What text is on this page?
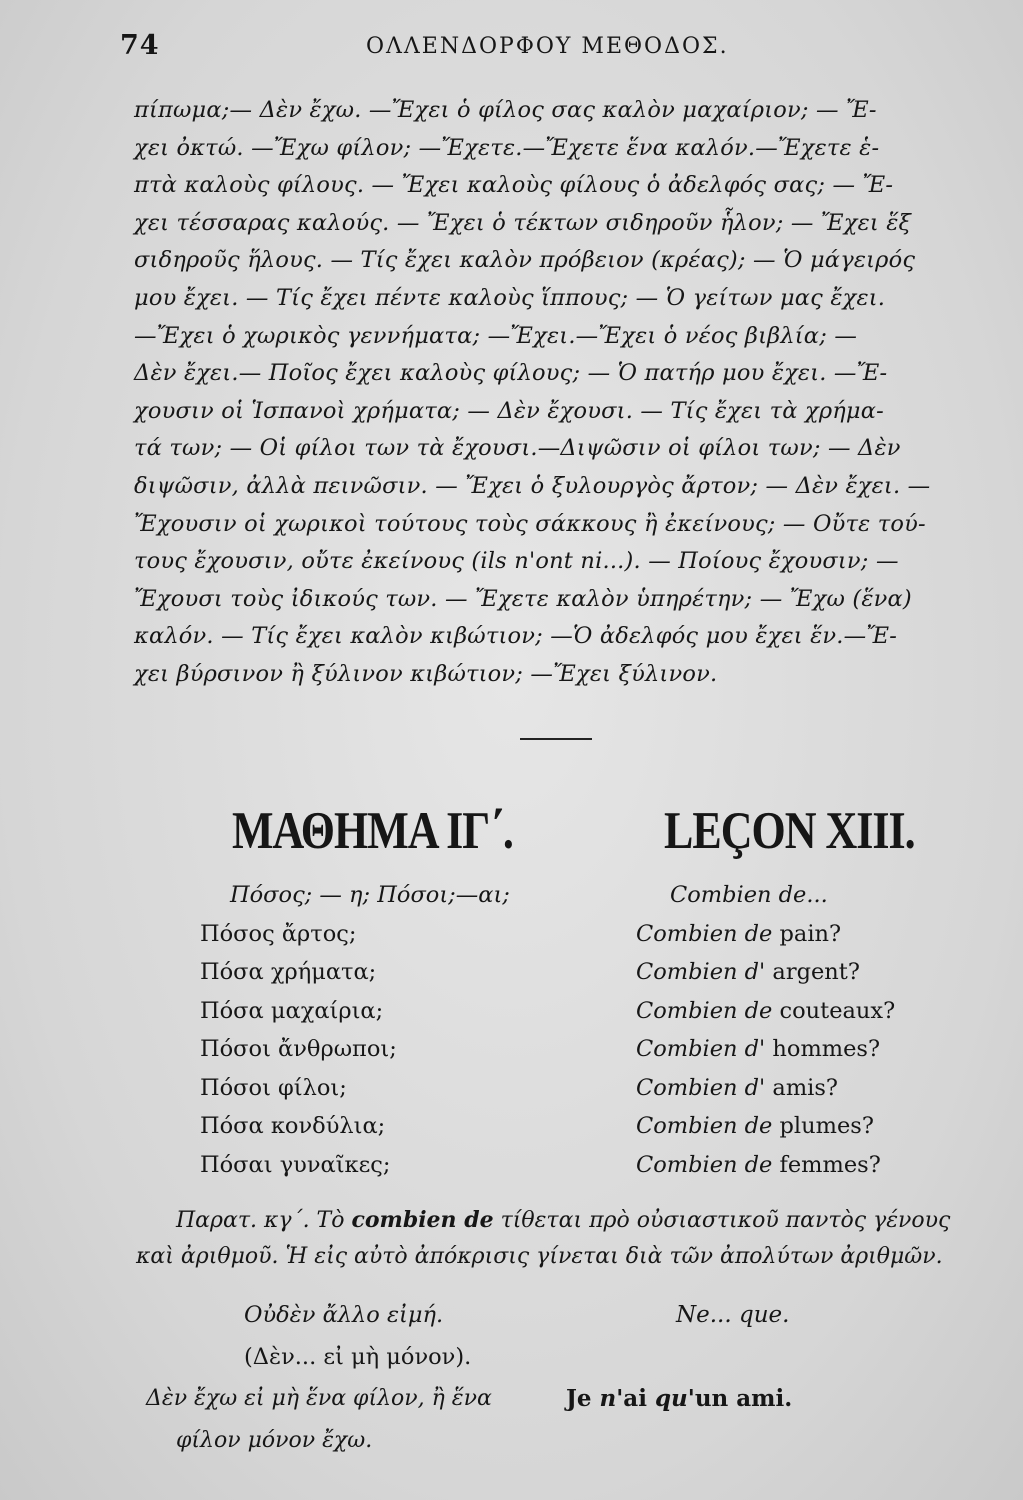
74	ΟΛΛΕΝΔΟΡΦΟΥ ΜΕΘΟΔΟΣ.

πίπωμα;— Δὲν ἔχω. —Ἔχει ὁ φίλος σας καλὸν μαχαίριον; — Ἔ-

χει ὀκτώ. —Ἔχω φίλον; —Ἔχετε.—Ἔχετε ἕνα καλόν.—Ἔχετε ἑ-

πτὰ καλοὺς φίλους. — Ἔχει καλοὺς φίλους ὁ ἀδελφός σας; — Ἔ-

χει τέσσαρας καλούς. — Ἔχει ὁ τέκτων σιδηροῦν ἧλον; — Ἔχει ἕξ

σιδηροῦς ἥλους. — Τίς ἔχει καλὸν πρόβειον (κρέας); — Ὁ μάγειρός

μου ἔχει. — Τίς ἔχει πέντε καλοὺς ἵππους; — Ὁ γείτων μας ἔχει.

—Ἔχει ὁ χωρικὸς γεννήματα; —Ἔχει.—Ἔχει ὁ νέος βιβλία; —

Δὲν ἔχει.— Ποῖος ἔχει καλοὺς φίλους; — Ὁ πατήρ μου ἔχει. —Ἔ-

χουσιν οἱ Ἱσπανοὶ χρήματα; — Δὲν ἔχουσι. — Τίς ἔχει τὰ χρήμα-

τά των; — Οἱ φίλοι των τὰ ἔχουσι.—Διψῶσιν οἱ φίλοι των; — Δὲν

διψῶσιν, ἀλλὰ πεινῶσιν. — Ἔχει ὁ ξυλουργὸς ἄρτον; — Δὲν ἔχει. —

Ἔχουσιν οἱ χωρικοὶ τούτους τοὺς σάκκους ἢ ἐκείνους; — Οὔτε τού-

τους ἔχουσιν, οὔτε ἐκείνους (ils n'ont ni...). — Ποίους ἔχουσιν; —

Ἔχουσι τοὺς ἰδικούς των. — Ἔχετε καλὸν ὑπηρέτην; — Ἔχω (ἕνα)

καλόν. — Τίς ἔχει καλὸν κιβώτιον; —Ὁ ἀδελφός μου ἔχει ἕν.—Ἔ-

χει βύρσινον ἢ ξύλινον κιβώτιον; —Ἔχει ξύλινον.

ΜΑΘΗΜΑ ΙΓ΄.	LEÇON XIII.
Πόσος; — η; Πόσοι;—αι;
Πόσος ἄρτος;
Πόσα χρήματα;
Πόσα μαχαίρια;
Πόσοι ἄνθρωποι;
Πόσοι φίλοι;
Πόσα κονδύλια;
Πόσαι γυναῖκες;
Combien de...
Combien de pain?
Combien d' argent?
Combien de couteaux?
Combien d' hommes?
Combien d' amis?
Combien de plumes?
Combien de femmes?

Παρατ. κγ΄. Τὸ combien de τίθεται πρὸ οὐσιαστικοῦ παντὸς γένους

καὶ ἀριθμοῦ. Ἡ εἰς αὐτὸ ἀπόκρισις γίνεται διὰ τῶν ἀπολύτων ἀριθμῶν.

Οὐδὲν ἄλλο εἰμή.

(Δὲν... εἰ μὴ μόνον).

Ne... que.

Δὲν ἔχω εἰ μὴ ἕνα φίλον, ἢ ἕνα

φίλον μόνον ἔχω.

Je n'ai qu'un ami.
